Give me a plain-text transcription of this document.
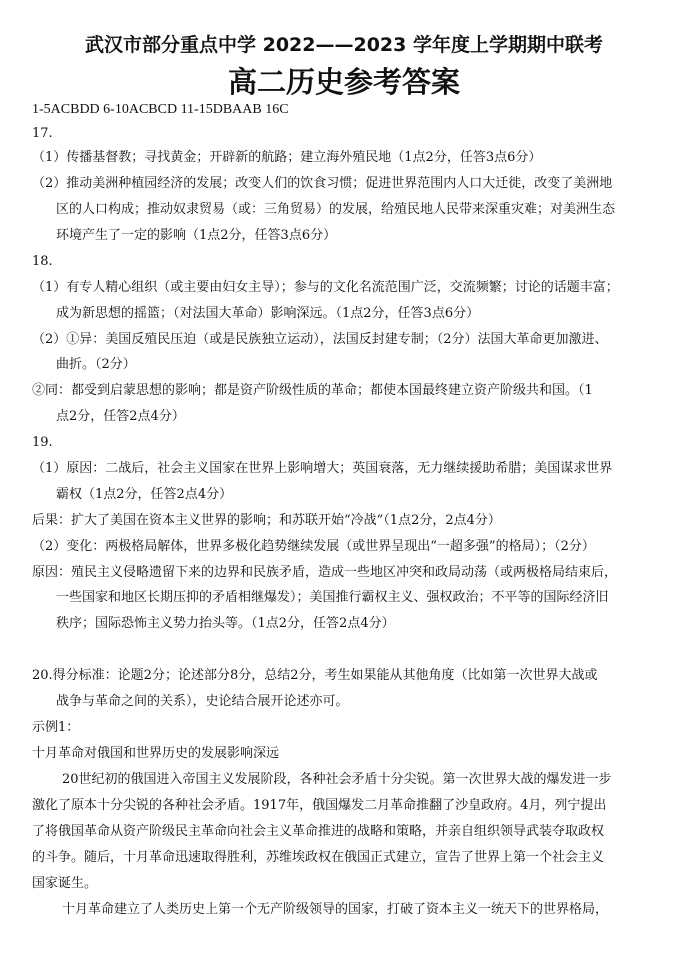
武汉市部分重点中学 2022——2023 学年度上学期期中联考
高二历史参考答案
1-5ACBDD 6-10ACBCD 11-15DBAAB 16C
17.
（1）传播基督教；寻找黄金；开辟新的航路；建立海外殖民地（1点2分，任答3点6分）
（2）推动美洲种植园经济的发展；改变人们的饮食习惯；促进世界范围内人口大迁徙，改变了美洲地
区的人口构成；推动奴隶贸易（或：三角贸易）的发展，给殖民地人民带来深重灾难；对美洲生态
环境产生了一定的影响（1点2分，任答3点6分）
18.
（1）有专人精心组织（或主要由妇女主导）；参与的文化名流范围广泛，交流频繁；讨论的话题丰富；
成为新思想的摇篮；（对法国大革命）影响深远。（1点2分，任答3点6分）
（2）①异：美国反殖民压迫（或是民族独立运动），法国反封建专制；（2分）法国大革命更加激进、
曲折。（2分）
②同：都受到启蒙思想的影响；都是资产阶级性质的革命；都使本国最终建立资产阶级共和国。（1
点2分，任答2点4分）
19.
（1）原因：二战后，社会主义国家在世界上影响增大；英国衰落，无力继续援助希腊；美国谋求世界
霸权（1点2分，任答2点4分）
后果：扩大了美国在资本主义世界的影响；和苏联开始“冷战”（1点2分，2点4分）
（2）变化：两极格局解体，世界多极化趋势继续发展（或世界呈现出“一超多强”的格局）；（2分）
原因：殖民主义侵略遗留下来的边界和民族矛盾，造成一些地区冲突和政局动荡（或两极格局结束后，
一些国家和地区长期压抑的矛盾相继爆发）；美国推行霸权主义、强权政治；不平等的国际经济旧
秩序；国际恐怖主义势力抬头等。（1点2分，任答2点4分）
20.得分标准：论题2分；论述部分8分，总结2分，考生如果能从其他角度（比如第一次世界大战或
战争与革命之间的关系），史论结合展开论述亦可。
示例1：
十月革命对俄国和世界历史的发展影响深远
20世纪初的俄国进入帝国主义发展阶段，各种社会矛盾十分尖锐。第一次世界大战的爆发进一步
激化了原本十分尖锐的各种社会矛盾。1917年，俄国爆发二月革命推翻了沙皇政府。4月，列宁提出
了将俄国革命从资产阶级民主革命向社会主义革命推进的战略和策略，并亲自组织领导武装夺取政权
的斗争。随后，十月革命迅速取得胜利，苏维埃政权在俄国正式建立，宣告了世界上第一个社会主义
国家诞生。
十月革命建立了人类历史上第一个无产阶级领导的国家，打破了资本主义一统天下的世界格局，
